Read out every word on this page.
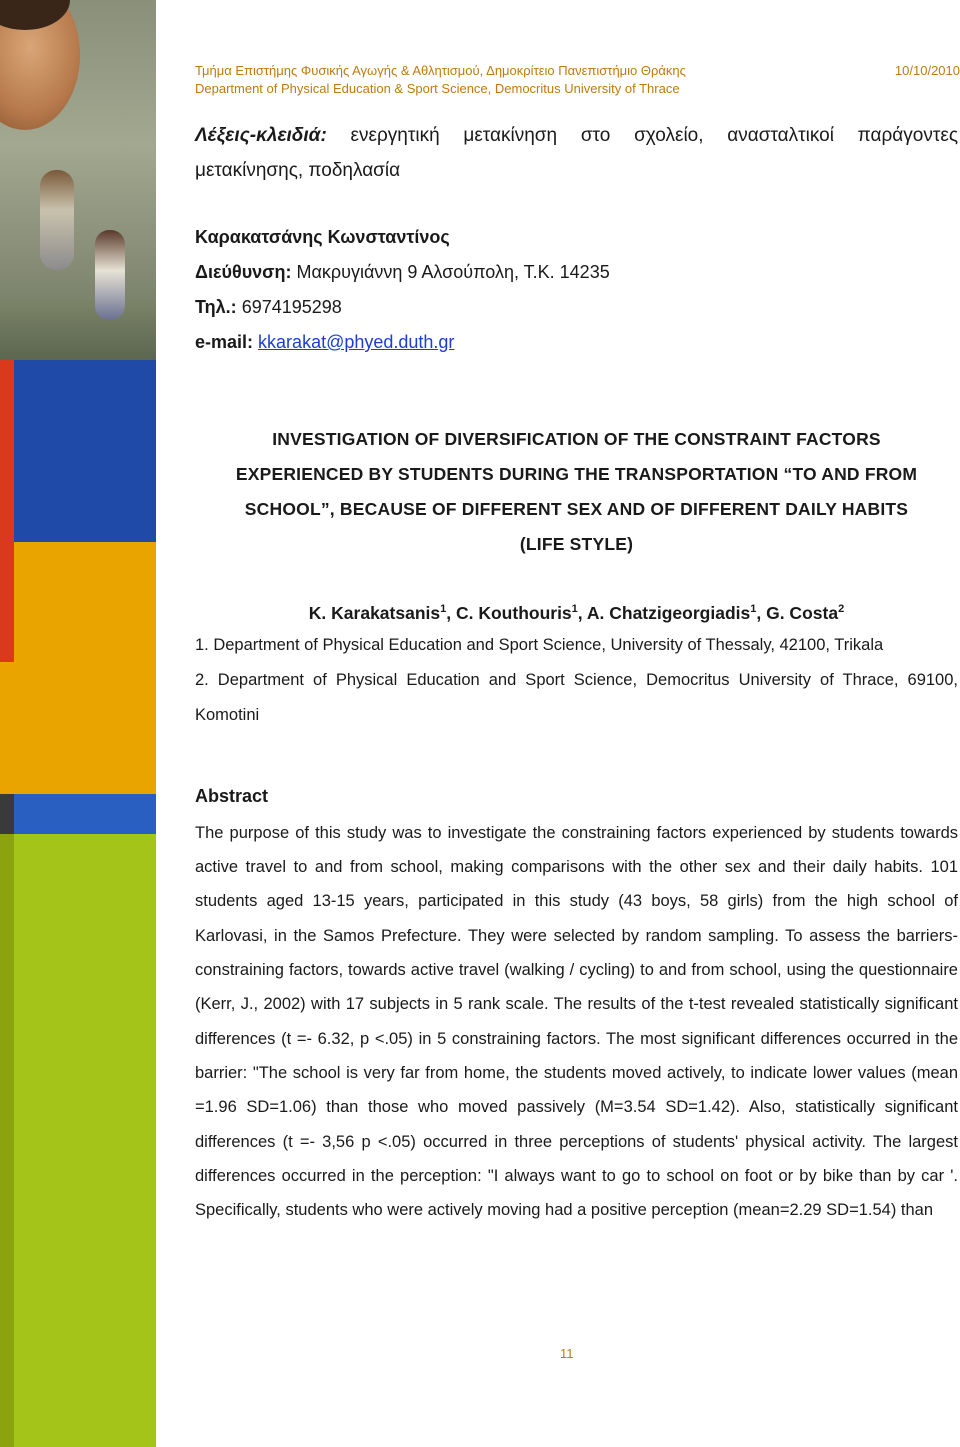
Τμήμα Επιστήμης Φυσικής Αγωγής & Αθλητισμού, Δημοκρίτειο Πανεπιστήμιο Θράκης
Department of Physical Education & Sport Science, Democritus University of Thrace
10/10/2010
Λέξεις-κλειδιά: ενεργητική μετακίνηση στο σχολείο, ανασταλτικοί παράγοντες μετακίνησης, ποδηλασία
Καρακατσάνης Κωνσταντίνος
Διεύθυνση: Μακρυγιάννη 9 Αλσούπολη, Τ.Κ. 14235
Τηλ.: 6974195298
e-mail: kkarakat@phyed.duth.gr
INVESTIGATION OF DIVERSIFICATION OF THE CONSTRAINT FACTORS
EXPERIENCED BY STUDENTS DURING THE TRANSPORTATION “TO AND FROM
SCHOOL”, BECAUSE OF DIFFERENT SEX AND OF DIFFERENT DAILY HABITS
(LIFE STYLE)
K. Karakatsanis$^1$, C. Kouthouris$^1$, A. Chatzigeorgiadis$^1$, G. Costa$^2$

1. Department of Physical Education and Sport Science, University of Thessaly, 42100, Trikala

2. Department of Physical Education and Sport Science, Democritus University of Thrace, 69100, Komotini

Abstract
The purpose of this study was to investigate the constraining factors experienced by students towards active travel to and from school, making comparisons with the other sex and their daily habits. 101 students aged 13-15 years, participated in this study (43 boys, 58 girls) from the high school of Karlovasi, in the Samos Prefecture. They were selected by random sampling. To assess the barriers-constraining factors, towards active travel (walking / cycling) to and from school, using the questionnaire (Kerr, J., 2002) with 17 subjects in 5 rank scale. The results of the t-test revealed statistically significant differences (t =- 6.32, p <.05) in 5 constraining factors. The most significant differences occurred in the barrier: "The school is very far from home, the students moved actively, to indicate lower values (mean =1.96 SD=1.06) than those who moved passively (M=3.54 SD=1.42). Also, statistically significant differences (t =- 3,56 p <.05) occurred in three perceptions of students' physical activity. The largest differences occurred in the perception: "I always want to go to school on foot or by bike than by car '. Specifically, students who were actively moving had a positive perception (mean=2.29 SD=1.54) than
11
